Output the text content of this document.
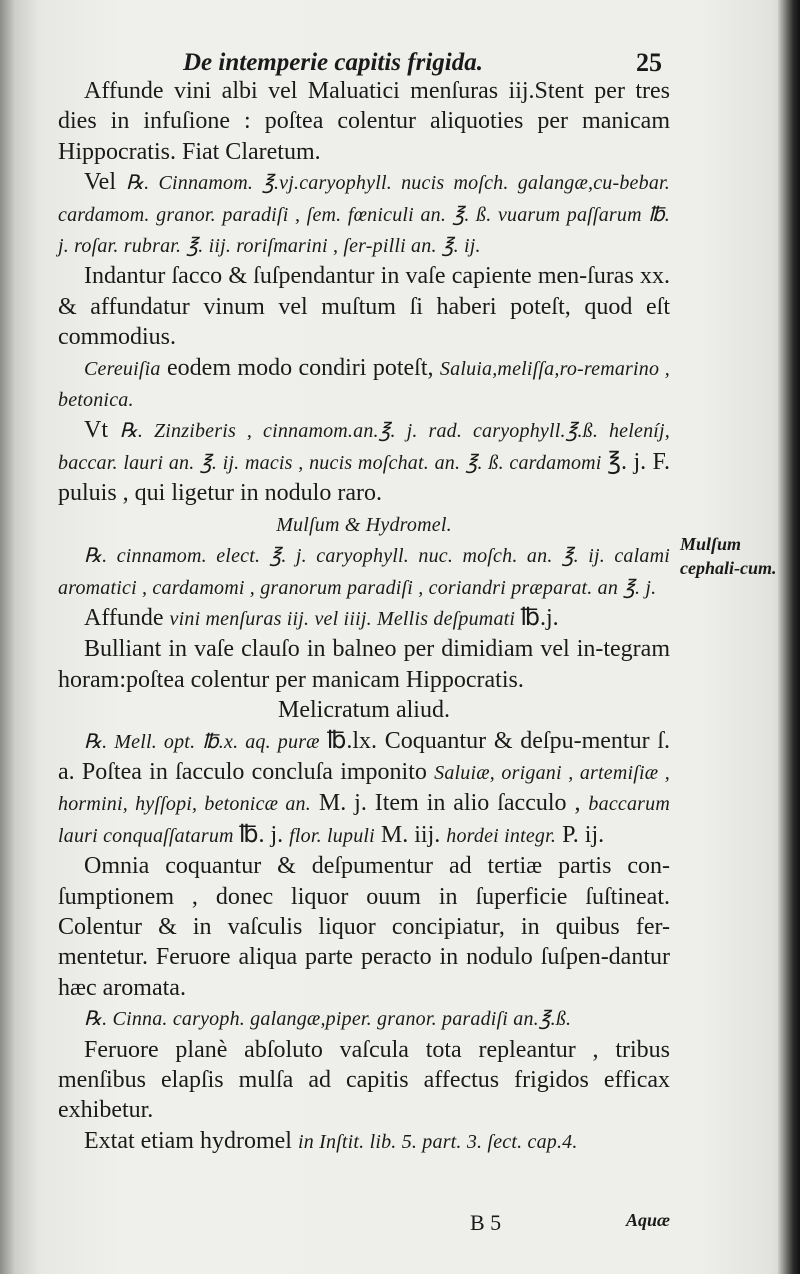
De intemperie capitis frigida.	25

Affunde vini albi vel Maluatici menſuras iij.Stent per tres dies in infuſione : poſtea colentur aliquoties per manicam Hippocratis. Fiat Claretum.

Vel ℞. Cinnamom. ℥.vj.caryophyll. nucis moſch. galangæ,cu-bebar. cardamom. granor. paradiſi , ſem. fœniculi an. ℥. ß. vuarum paſſarum ℔. j. roſar. rubrar. ℥. iij. roriſmarini , ſer-pilli an. ℥. ij.

Indantur ſacco & ſuſpendantur in vaſe capiente men-ſuras xx. & affundatur vinum vel muſtum ſi haberi poteſt, quod eſt commodius.

Cereuiſia eodem modo condiri poteſt, Saluia,meliſſa,ro-remarino , betonica.

Vt ℞. Zinziberis , cinnamom.an.℥. j. rad. caryophyll.℥.ß. heleníj, baccar. lauri an. ℥. ij. macis , nucis moſchat. an. ℥. ß. cardamomi ℥. j. F. puluis , qui ligetur in nodulo raro.

Mulſum & Hydromel.

℞. cinnamom. elect. ℥. j. caryophyll. nuc. moſch. an. ℥. ij. calami aromatici , cardamomi , granorum paradiſi , coriandri præparat. an ℥. j.

Affunde vini menſuras iij. vel iiij. Mellis deſpumati ℔.j.

Bulliant in vaſe clauſo in balneo per dimidiam vel in-tegram horam:poſtea colentur per manicam Hippocratis.

Melicratum aliud.

℞. Mell. opt. ℔.x. aq. puræ ℔.lx. Coquantur & deſpu-mentur ſ. a. Poſtea in ſacculo concluſa imponito Saluiæ, origani , artemiſiæ , hormini, hyſſopi, betonicæ an. M. j. Item in alio ſacculo , baccarum lauri conquaſſatarum ℔. j. flor. lupuli M. iij. hordei integr. P. ij.

Omnia coquantur & deſpumentur ad tertiæ partis con-ſumptionem , donec liquor ouum in ſuperficie ſuſtineat. Colentur & in vaſculis liquor concipiatur, in quibus fer-mentetur. Feruore aliqua parte peracto in nodulo ſuſpen-dantur hæc aromata.

℞. Cinna. caryoph. galangæ,piper. granor. paradiſi an.℥.ß.

Feruore planè abſoluto vaſcula tota repleantur , tribus menſibus elapſis mulſa ad capitis affectus frigidos efficax exhibetur.

Extat etiam hydromel in Inſtit. lib. 5. part. 3. ſect. cap.4.

Mulſum cephali-cum.
B 5	Aquæ
